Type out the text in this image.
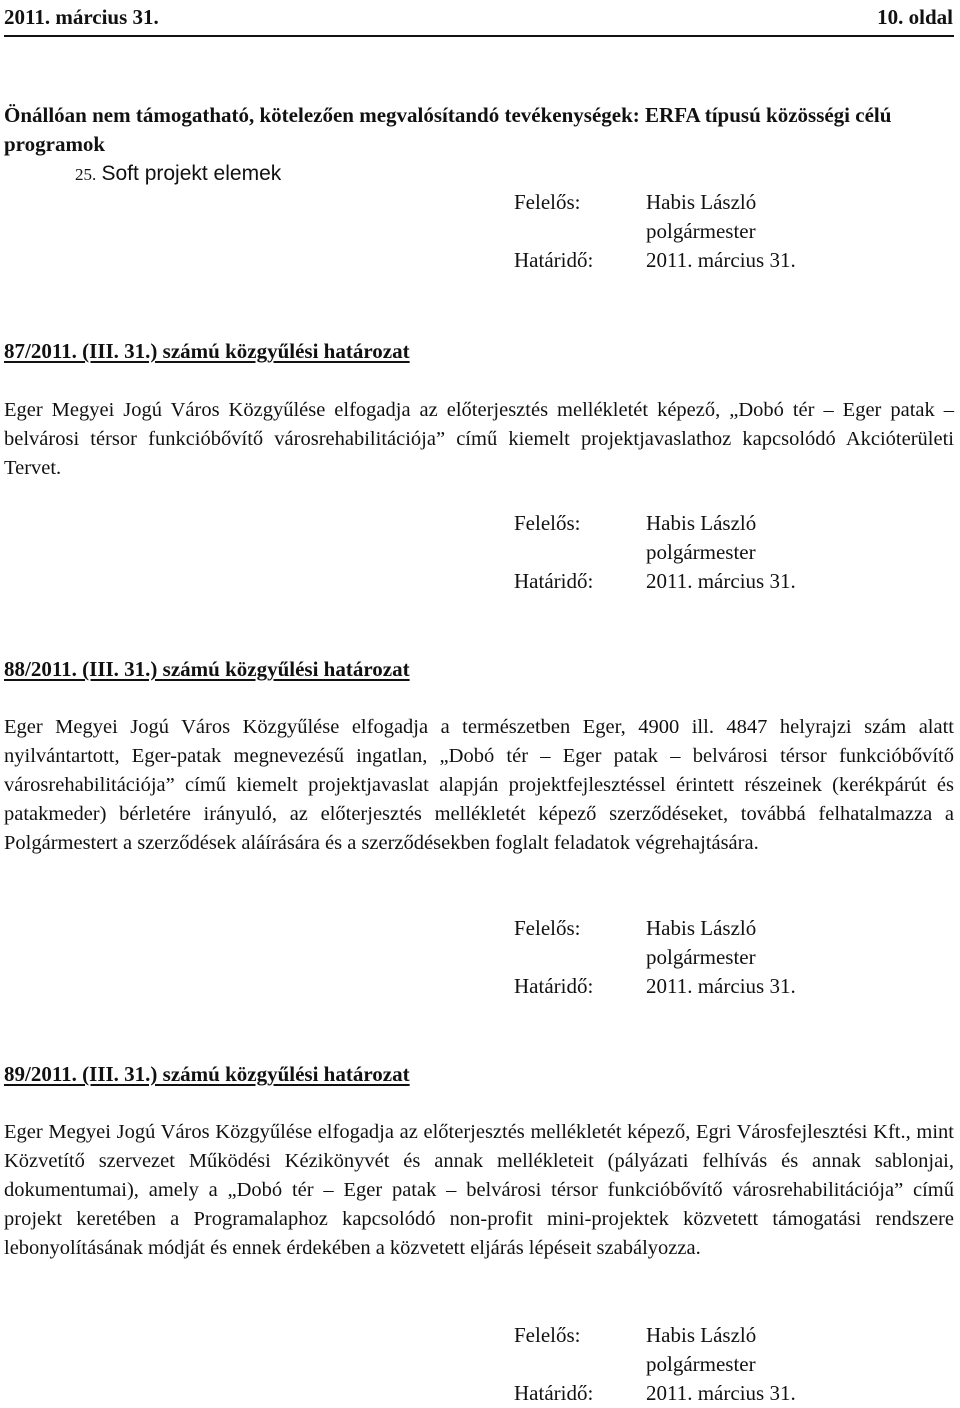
2011. március 31.	10. oldal
Önállóan nem támogatható, kötelezően megvalósítandó tevékenységek: ERFA típusú közösségi célú programok
25. Soft projekt elemek
Felelős:	Habis László
polgármester
Határidő:	2011. március 31.
87/2011. (III. 31.) számú közgyűlési határozat

Eger Megyei Jogú Város Közgyűlése elfogadja az előterjesztés mellékletét képező, „Dobó tér – Eger patak – belvárosi térsor funkcióbővítő városrehabilitációja” című kiemelt projektjavaslathoz kapcsolódó Akcióterületi Tervet.

Felelős:	Habis László
polgármester
Határidő:	2011. március 31.
88/2011. (III. 31.) számú közgyűlési határozat

Eger Megyei Jogú Város Közgyűlése elfogadja a természetben Eger, 4900 ill. 4847 helyrajzi szám alatt nyilvántartott, Eger-patak megnevezésű ingatlan, „Dobó tér – Eger patak – belvárosi térsor funkcióbővítő városrehabilitációja” című kiemelt projektjavaslat alapján projektfejlesztéssel érintett részeinek (kerékpárút és patakmeder) bérletére irányuló, az előterjesztés mellékletét képező szerződéseket, továbbá felhatalmazza a Polgármestert a szerződések aláírására és a szerződésekben foglalt feladatok végrehajtására.

Felelős:	Habis László
polgármester
Határidő:	2011. március 31.
89/2011. (III. 31.) számú közgyűlési határozat

Eger Megyei Jogú Város Közgyűlése elfogadja az előterjesztés mellékletét képező, Egri Városfejlesztési Kft., mint Közvetítő szervezet Működési Kézikönyvét és annak mellékleteit (pályázati felhívás és annak sablonjai, dokumentumai), amely a „Dobó tér – Eger patak – belvárosi térsor funkcióbővítő városrehabilitációja” című projekt keretében a Programalaphoz kapcsolódó non-profit mini-projektek közvetett támogatási rendszere lebonyolításának módját és ennek érdekében a közvetett eljárás lépéseit szabályozza.

Felelős:	Habis László
polgármester
Határidő:	2011. március 31.
